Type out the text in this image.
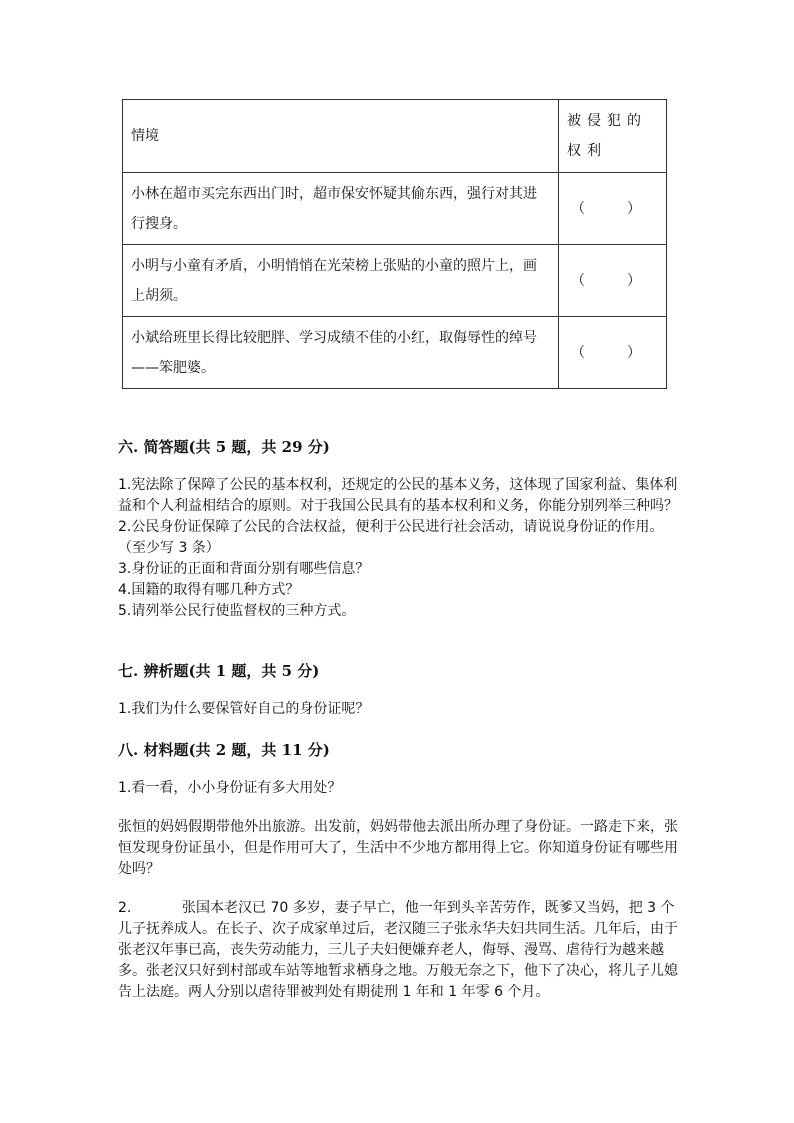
情境	被侵犯的权利
小林在超市买完东西出门时，超市保安怀疑其偷东西，强行对其进行搜身。	（　　　）
小明与小童有矛盾，小明悄悄在光荣榜上张贴的小童的照片上，画上胡须。	（　　　）
小斌给班里长得比较肥胖、学习成绩不佳的小红，取侮辱性的绰号——笨肥婆。	（　　　）
六. 简答题(共 5 题，共 29 分)

1.宪法除了保障了公民的基本权利，还规定的公民的基本义务，这体现了国家利益、集体利益和个人利益相结合的原则。对于我国公民具有的基本权利和义务，你能分别列举三种吗？

2.公民身份证保障了公民的合法权益，便利于公民进行社会活动，请说说身份证的作用。（至少写 3 条）

3.身份证的正面和背面分别有哪些信息？

4.国籍的取得有哪几种方式？

5.请列举公民行使监督权的三种方式。

七. 辨析题(共 1 题，共 5 分)

1.我们为什么要保管好自己的身份证呢？

八. 材料题(共 2 题，共 11 分)

1.看一看，小小身份证有多大用处？

张恒的妈妈假期带他外出旅游。出发前，妈妈带他去派出所办理了身份证。一路走下来，张恒发现身份证虽小，但是作用可大了，生活中不少地方都用得上它。你知道身份证有哪些用处吗？

2.	张国本老汉已 70 多岁，妻子早亡，他一年到头辛苦劳作，既爹又当妈，把 3 个儿子抚养成人。在长子、次子成家单过后，老汉随三子张永华夫妇共同生活。几年后，由于张老汉年事已高，丧失劳动能力，三儿子夫妇便嫌弃老人，侮辱、漫骂、虐待行为越来越多。张老汉只好到村部或车站等地暂求栖身之地。万般无奈之下，他下了决心，将儿子儿媳告上法庭。两人分别以虐待罪被判处有期徒刑 1 年和 1 年零 6 个月。
